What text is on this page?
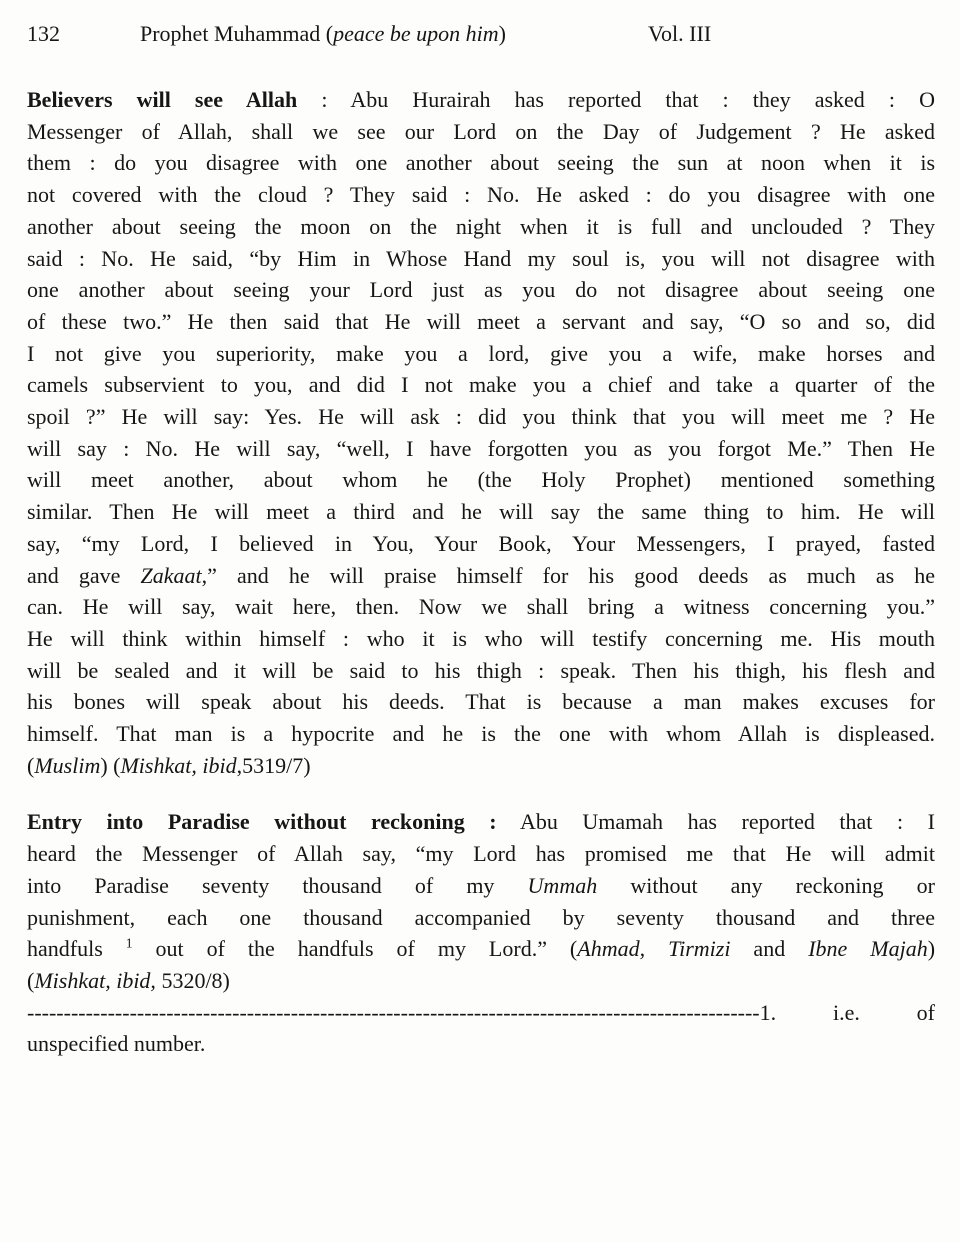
132	Prophet Muhammad (peace be upon him)	Vol. III
Believers will see Allah : Abu Hurairah has reported that : they asked : O
Messenger of Allah, shall we see our Lord on the Day of Judgement ? He asked
them : do you disagree with one another about seeing the sun at noon when it is
not covered with the cloud ? They said : No. He asked : do you disagree with one
another about seeing the moon on the night when it is full and unclouded ? They
said : No. He said, “by Him in Whose Hand my soul is, you will not disagree with
one another about seeing your Lord just as you do not disagree about seeing one
of these two.” He then said that He will meet a servant and say, “O so and so, did
I not give you superiority, make you a lord, give you a wife, make horses and
camels subservient to you, and did I not make you a chief and take a quarter of the
spoil ?” He will say: Yes. He will ask : did you think that you will meet me ? He
will say : No. He will say, “well, I have forgotten you as you forgot Me.” Then He
will meet another, about whom he (the Holy Prophet) mentioned something
similar. Then He will meet a third and he will say the same thing to him. He will
say, “my Lord, I believed in You, Your Book, Your Messengers, I prayed, fasted
and gave Zakaat,” and he will praise himself for his good deeds as much as he
can. He will say, wait here, then. Now we shall bring a witness concerning you.”
He will think within himself : who it is who will testify concerning me. His mouth
will be sealed and it will be said to his thigh : speak. Then his thigh, his flesh and
his bones will speak about his deeds. That is because a man makes excuses for
himself. That man is a hypocrite and he is the one with whom Allah is displeased.
(Muslim) (Mishkat, ibid,5319/7)
Entry into Paradise without reckoning : Abu Umamah has reported that : I
heard the Messenger of Allah say, “my Lord has promised me that He will admit
into Paradise seventy thousand of my Ummah without any reckoning or
punishment, each one thousand accompanied by seventy thousand and three
handfuls $^1$ out of the handfuls of my Lord.” (Ahmad, Tirmizi and Ibne Majah)
(Mishkat, ibid, 5320/8)
----------------------------------------------------------------------------------------------------1. i.e. of
unspecified number.
